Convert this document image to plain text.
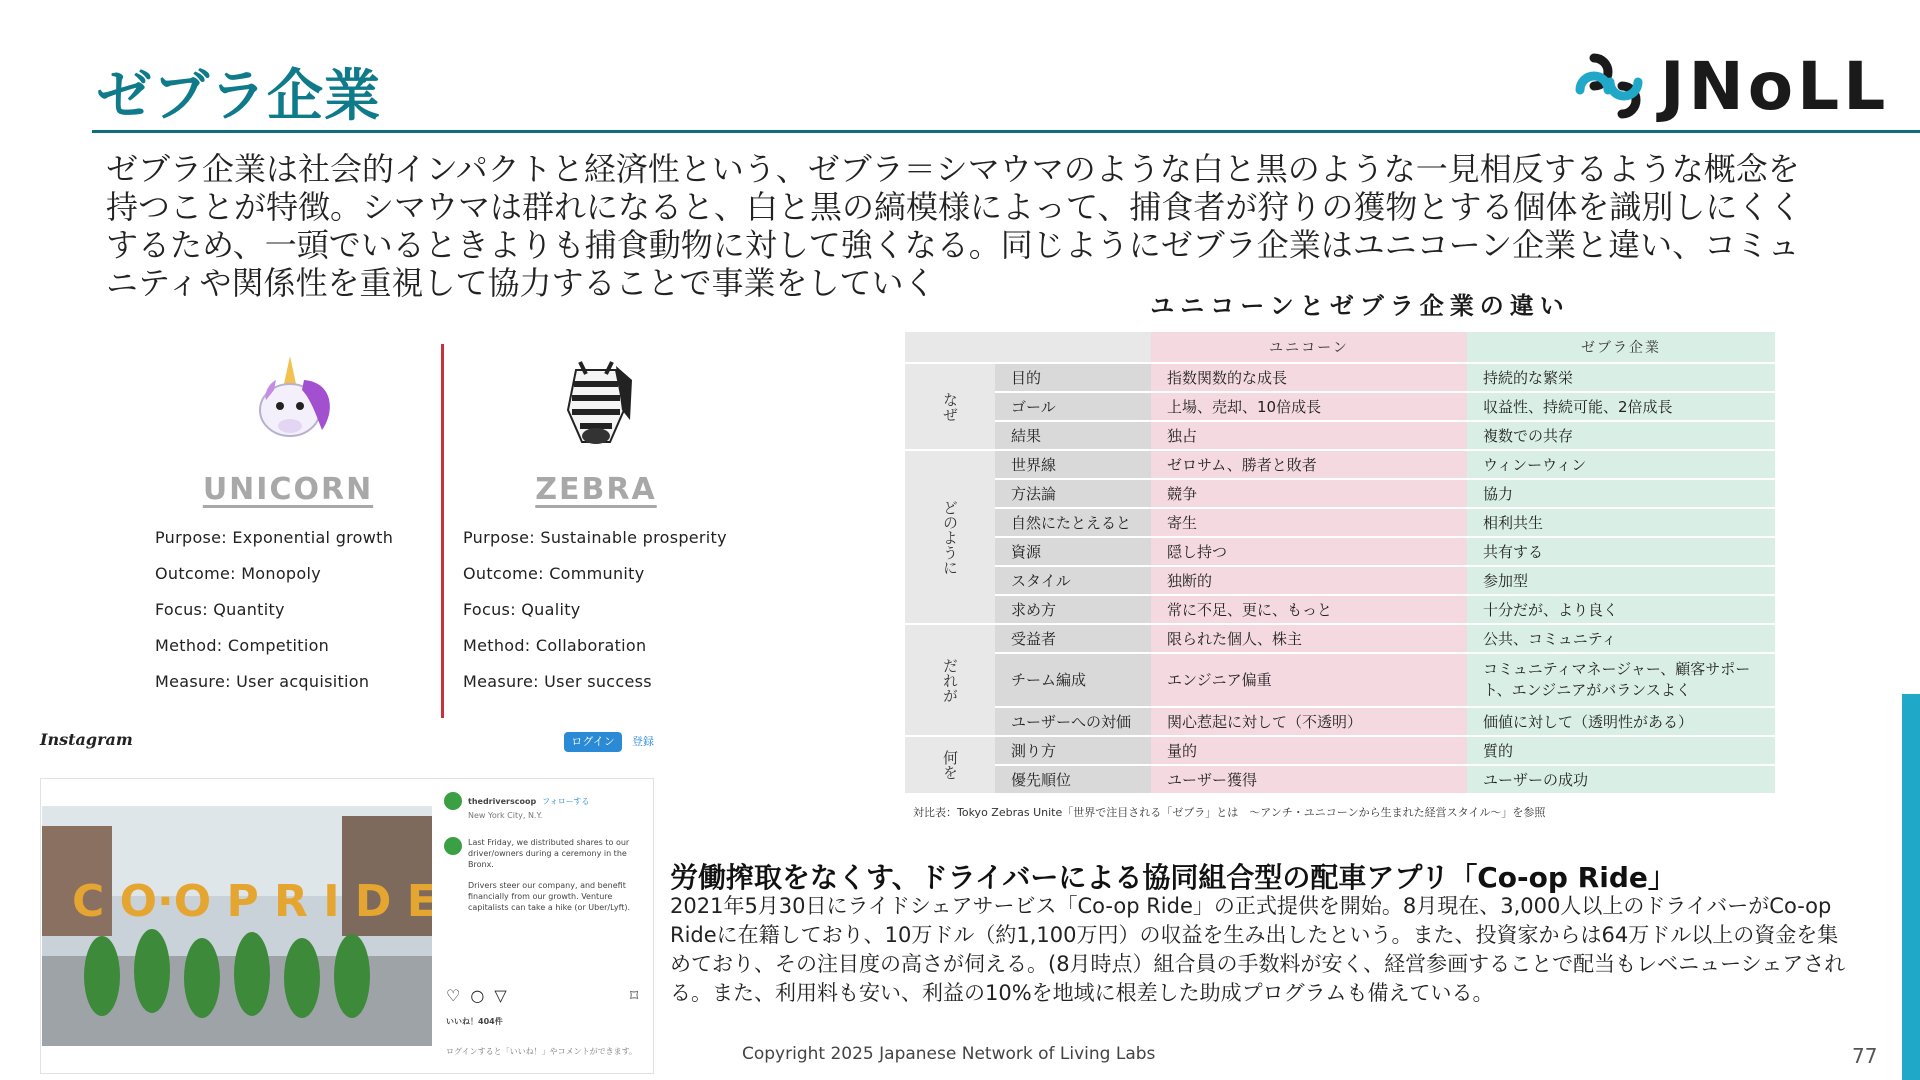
ゼブラ企業	JNoLL
ゼブラ企業は社会的インパクトと経済性という、ゼブラ＝シマウマのような白と黒のような一見相反するような概念を持つことが特徴。シマウマは群れになると、白と黒の縞模様によって、捕食者が狩りの獲物とする個体を識別しにくくするため、一頭でいるときよりも捕食動物に対して強くなる。同じようにゼブラ企業はユニコーン企業と違い、コミュニティや関係性を重視して協力することで事業をしていく
UNICORN	ZEBRA
Purpose: Exponential growth
Outcome: Monopoly
Focus: Quantity
Method: Competition
Measure: User acquisition
Purpose: Sustainable prosperity
Outcome: Community
Focus: Quality
Method: Collaboration
Measure: User success
ユニコーンとゼブラ企業の違い
		ユニコーン	ゼブラ企業
なぜ	目的	指数関数的な成長	持続的な繁栄
	ゴール	上場、売却、10倍成長	収益性、持続可能、2倍成長
	結果	独占	複数での共存
どのように	世界線	ゼロサム、勝者と敗者	ウィンーウィン
	方法論	競争	協力
	自然にたとえると	寄生	相利共生
	資源	隠し持つ	共有する
	スタイル	独断的	参加型
	求め方	常に不足、更に、もっと	十分だが、より良く
だれが	受益者	限られた個人、株主	公共、コミュニティ
	チーム編成	エンジニア偏重	コミュニティマネージャー、顧客サポート、エンジニアがバランスよく
	ユーザーへの対価	関心惹起に対して（不透明）	価値に対して（透明性がある）
何を	測り方	量的	質的
	優先順位	ユーザー獲得	ユーザーの成功
対比表：Tokyo Zebras Unite「世界で注目される「ゼブラ」とは　〜アンチ・ユニコーンから生まれた経営スタイル〜」を参照
Instagram	ログイン	登録
C O·O P R I D E
thedriverscoop フォローする
New York City, N.Y.
Last Friday, we distributed shares to our driver/owners during a ceremony in the Bronx.
Drivers steer our company, and benefit financially from our growth. Venture capitalists can take a hike (or Uber/Lyft).
♡ ○ ▽	⌑
いいね！404件
ログインすると「いいね！」やコメントができます。
労働搾取をなくす、ドライバーによる協同組合型の配車アプリ「Co-op Ride」
2021年5月30日にライドシェアサービス「Co-op Ride」の正式提供を開始。8月現在、3,000人以上のドライバーがCo-op Rideに在籍しており、10万ドル（約1,100万円）の収益を生み出したという。また、投資家からは64万ドル以上の資金を集めており、その注目度の高さが伺える。(8月時点）組合員の手数料が安く、経営参画することで配当もレベニューシェアされる。また、利用料も安い、利益の10%を地域に根差した助成プログラムも備えている。
Copyright 2025 Japanese Network of Living Labs	77
